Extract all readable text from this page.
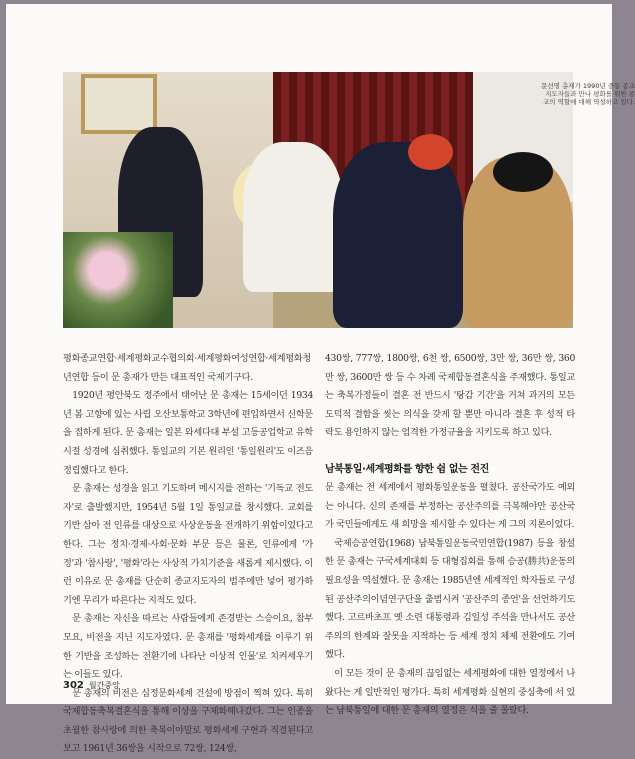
문선명 총재가 1990년 중동 종교지도자들과 만나 평화를 위한 종교의 역할에 대해 역설하고 있다.

평화종교연합·세계평화교수협의회·세계평화여성연합·세계평화청년연합 등이 문 총재가 만든 대표적인 국제기구다.

1920년 평안북도 정주에서 태어난 문 총재는 15세이던 1934년 봄 고향에 있는 사립 오산보통학교 3학년에 편입하면서 신학문을 접하게 된다. 문 총재는 일본 와세다대 부설 고등공업학교 유학 시절 성경에 심취했다. 통일교의 기본 원리인 '통일원리'도 이즈음 정립했다고 한다.

문 총재는 성경을 읽고 기도하며 메시지를 전하는 '기독교 전도자'로 출발했지만, 1954년 5월 1일 통일교를 창시했다. 교회를 기반 삼아 전 인류를 대상으로 사상운동을 전개하기 위함이었다고 한다. 그는 정치·경제·사회·문화 부문 등은 물론, 인류에게 '가정'과 '참사랑', '평화'라는 사상적 가치기준을 새롭게 제시했다. 이런 이유로 문 총재를 단순히 종교지도자의 범주에만 넣어 평가하기엔 무리가 따른다는 지적도 있다.

문 총재는 자신을 따르는 사람들에게 존경받는 스승이요, 참부모요, 비전을 지닌 지도자였다. 문 총재를 '평화세계를 이루기 위한 기반을 조성하는 전환기에 나타난 이상적 인물'로 치켜세우기는 이들도 있다.

문 총재의 비전은 심정문화세계 건설에 방점이 찍혀 있다. 특히 국제합동축복결혼식을 통해 이상을 구체화해나갔다. 그는 인종을 초월한 참사랑에 의한 축복이야말로 평화세계 구현과 직결된다고 보고 1961년 36쌍을 시작으로 72쌍, 124쌍,

430쌍, 777쌍, 1800쌍, 6천 쌍, 6500쌍, 3만 쌍, 36만 쌍, 360만 쌍, 3600만 쌍 등 수 차례 국제합동결혼식을 주재했다. 통일교는 축복가정들이 결혼 전 반드시 '탕감 기간'을 거쳐 과거의 모든 도덕적 결함을 씻는 의식을 갖게 할 뿐만 아니라 결혼 후 성적 타락도 용인하지 않는 엄격한 가정규율을 지키도록 하고 있다.

남북통일·세계평화를 향한 쉼 없는 전진

문 총재는 전 세계에서 평화통일운동을 펼쳤다. 공산국가도 예외는 아니다. 신의 존재를 부정하는 공산주의를 극복해야만 공산국가 국민들에게도 새 희망을 제시할 수 있다는 게 그의 지론이었다.

국제승공연합(1968) 남북통일운동국민연합(1987) 등을 창설한 문 총재는 구국세계대회 등 대형집회를 통해 승공(勝共)운동의 필요성을 역설했다. 문 총재는 1985년엔 세계적인 학자들로 구성된 공산주의이념연구단을 출범시켜 '공산주의 종언'을 선언하기도 했다. 고르바초프 옛 소련 대통령과 김일성 주석을 만나서도 공산주의의 한계와 잘못을 지적하는 등 세계 정치 체제 전환에도 기여했다.

이 모든 것이 문 총재의 끊임없는 세계평화에 대한 열정에서 나왔다는 게 일반적인 평가다. 특히 세계평화 실현의 중심축에 서 있는 남북통일에 대한 문 총재의 열정은 식을 줄 몰랐다.

302 월간중앙
